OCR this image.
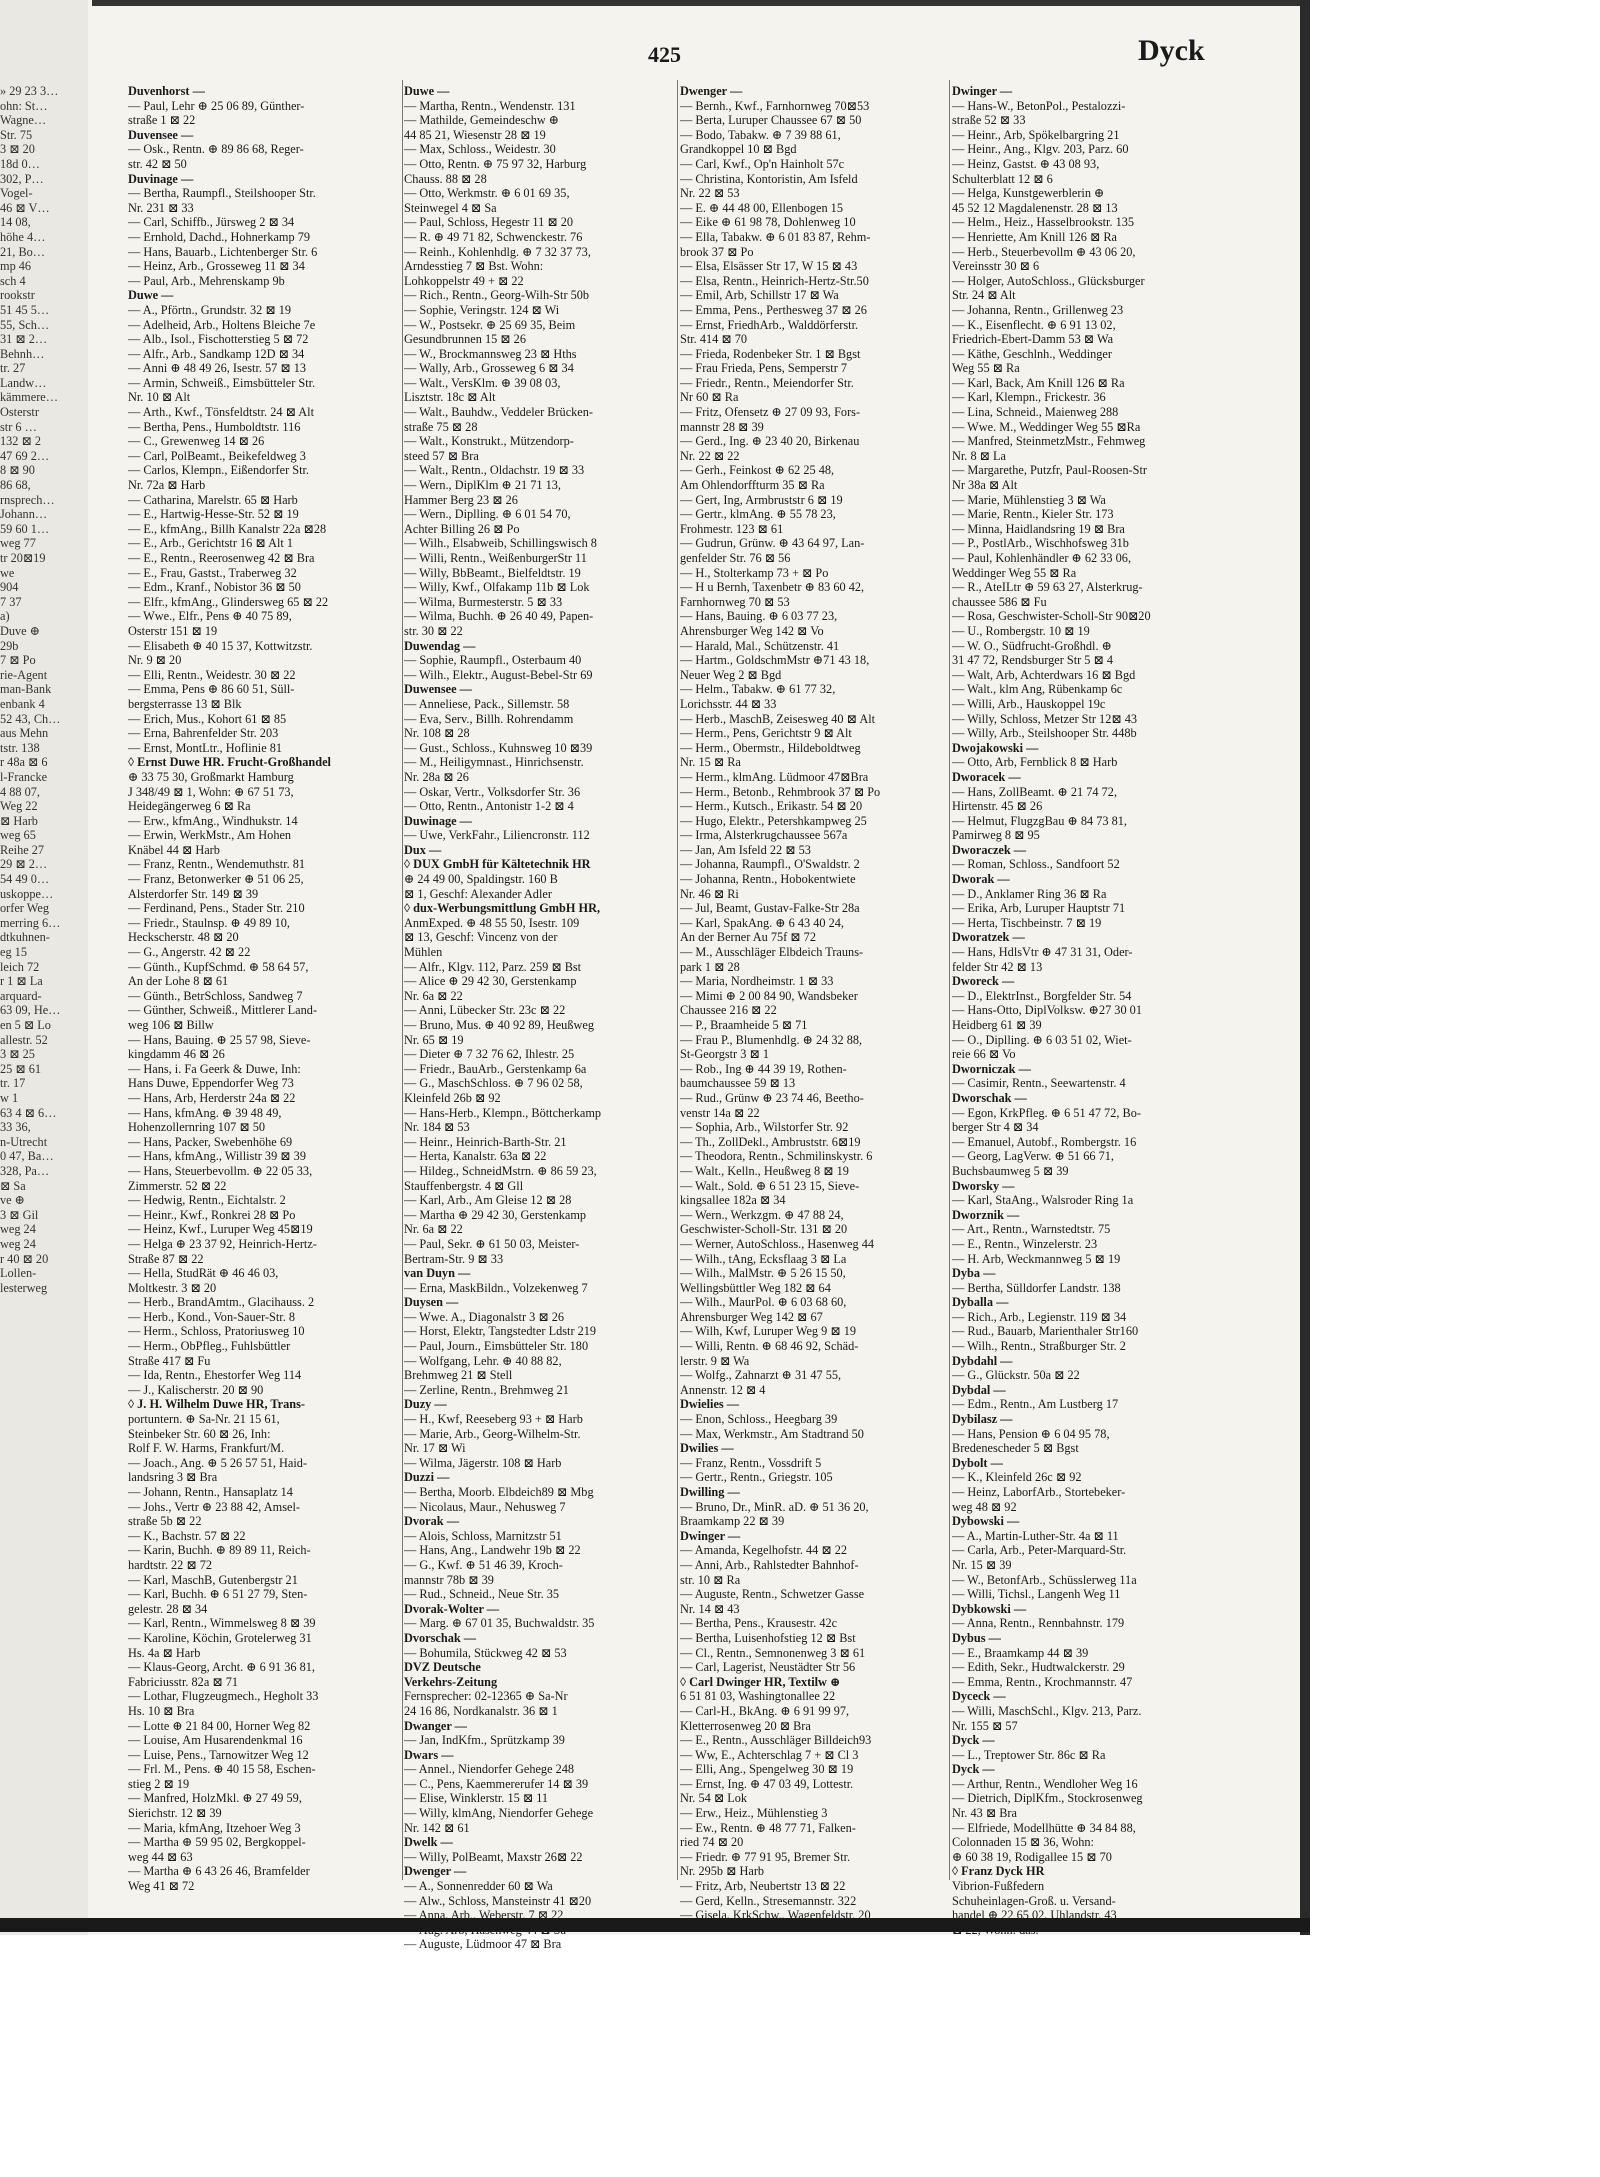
425	Dyck
» 29 23 3…
ohn: St…
Wagne…
Str. 75
3 ⊠ 20
18d 0…
302, P…
Vogel-
46 ⊠ V…
14 08,
höhe 4…
21, Bo…
mp 46
sch 4
rookstr
51 45 5…
55, Sch…
31 ⊠ 2…
Behnh…
tr. 27
Landw…
kämmere…
Osterstr
str 6 …
132 ⊠ 2
47 69 2…
8 ⊠ 90
86 68,
rnsprech…
Johann…
59 60 1…
weg 77
tr 20⊠19
we
904
7 37
a)
Duve ⊕
29b
7 ⊠ Po
rie-Agent
man-Bank
enbank 4
52 43, Ch…
aus Mehn
tstr. 138
r 48a ⊠ 6
l-Francke
4 88 07,
Weg 22
⊠ Harb
weg 65
Reihe 27
29 ⊠ 2…
54 49 0…
uskoppe…
orfer Weg
merring 6…
dtkuhnen-
eg 15
leich 72
r 1 ⊠ La
arquard-
63 09, He…
en 5 ⊠ Lo
allestr. 52
3 ⊠ 25
25 ⊠ 61
tr. 17
w 1
63 4 ⊠ 6…
33 36,
n-Utrecht
0 47, Ba…
328, Pa…
⊠ Sa
ve ⊕
3 ⊠ Gil
weg 24
weg 24
r 40 ⊠ 20
Lollen-
lesterweg
Duvenhorst —
— Paul, Lehr ⊕ 25 06 89, Günther-
straße 1 ⊠ 22
Duvensee —
— Osk., Rentn. ⊕ 89 86 68, Reger-
str. 42 ⊠ 50
Duvinage —
— Bertha, Raumpfl., Steilshooper Str.
Nr. 231 ⊠ 33
— Carl, Schiffb., Jürsweg 2 ⊠ 34
— Ernhold, Dachd., Hohnerkamp 79
— Hans, Bauarb., Lichtenberger Str. 6
— Heinz, Arb., Grosseweg 11 ⊠ 34
— Paul, Arb., Mehrenskamp 9b
Duwe —
— A., Pförtn., Grundstr. 32 ⊠ 19
— Adelheid, Arb., Holtens Bleiche 7e
— Alb., Isol., Fischotterstieg 5 ⊠ 72
— Alfr., Arb., Sandkamp 12D ⊠ 34
— Anni ⊕ 48 49 26, Isestr. 57 ⊠ 13
— Armin, Schweiß., Eimsbütteler Str.
Nr. 10 ⊠ Alt
— Arth., Kwf., Tönsfeldtstr. 24 ⊠ Alt
— Bertha, Pens., Humboldtstr. 116
— C., Grewenweg 14 ⊠ 26
— Carl, PolBeamt., Beikefeldweg 3
— Carlos, Klempn., Eißendorfer Str.
Nr. 72a ⊠ Harb
— Catharina, Marelstr. 65 ⊠ Harb
— E., Hartwig-Hesse-Str. 52 ⊠ 19
— E., kfmAng., Billh Kanalstr 22a ⊠28
— E., Arb., Gerichtstr 16 ⊠ Alt 1
— E., Rentn., Reerosenweg 42 ⊠ Bra
— E., Frau, Gastst., Traberweg 32
— Edm., Kranf., Nobistor 36 ⊠ 50
— Elfr., kfmAng., Glindersweg 65 ⊠ 22
— Wwe., Elfr., Pens ⊕ 40 75 89,
Osterstr 151 ⊠ 19
— Elisabeth ⊕ 40 15 37, Kottwitzstr.
Nr. 9 ⊠ 20
— Elli, Rentn., Weidestr. 30 ⊠ 22
— Emma, Pens ⊕ 86 60 51, Süll-
bergsterrasse 13 ⊠ Blk
— Erich, Mus., Kohort 61 ⊠ 85
— Erna, Bahrenfelder Str. 203
— Ernst, MontLtr., Hoflinie 81
◊ Ernst Duwe HR. Frucht-Großhandel
⊕ 33 75 30, Großmarkt Hamburg
J 348/49 ⊠ 1, Wohn: ⊕ 67 51 73,
Heidegängerweg 6 ⊠ Ra
— Erw., kfmAng., Windhukstr. 14
— Erwin, WerkMstr., Am Hohen
Knäbel 44 ⊠ Harb
— Franz, Rentn., Wendemuthstr. 81
— Franz, Betonwerker ⊕ 51 06 25,
Alsterdorfer Str. 149 ⊠ 39
— Ferdinand, Pens., Stader Str. 210
— Friedr., Staulnsp. ⊕ 49 89 10,
Heckscherstr. 48 ⊠ 20
— G., Angerstr. 42 ⊠ 22
— Günth., KupfSchmd. ⊕ 58 64 57,
An der Lohe 8 ⊠ 61
— Günth., BetrSchloss, Sandweg 7
— Günther, Schweiß., Mittlerer Land-
weg 106 ⊠ Billw
— Hans, Bauing. ⊕ 25 57 98, Sieve-
kingdamm 46 ⊠ 26
— Hans, i. Fa Geerk & Duwe, Inh:
Hans Duwe, Eppendorfer Weg 73
— Hans, Arb, Herderstr 24a ⊠ 22
— Hans, kfmAng. ⊕ 39 48 49,
Hohenzollernring 107 ⊠ 50
— Hans, Packer, Swebenhöhe 69
— Hans, kfmAng., Willistr 39 ⊠ 39
— Hans, Steuerbevollm. ⊕ 22 05 33,
Zimmerstr. 52 ⊠ 22
— Hedwig, Rentn., Eichtalstr. 2
— Heinr., Kwf., Ronkrei 28 ⊠ Po
— Heinz, Kwf., Luruper Weg 45⊠19
— Helga ⊕ 23 37 92, Heinrich-Hertz-
Straße 87 ⊠ 22
— Hella, StudRät ⊕ 46 46 03,
Moltkestr. 3 ⊠ 20
— Herb., BrandAmtm., Glacihauss. 2
— Herb., Kond., Von-Sauer-Str. 8
— Herm., Schloss, Pratoriusweg 10
— Herm., ObPfleg., Fuhlsbüttler
Straße 417 ⊠ Fu
— Ida, Rentn., Ehestorfer Weg 114
— J., Kalischerstr. 20 ⊠ 90
◊ J. H. Wilhelm Duwe HR, Trans-
portuntern. ⊕ Sa-Nr. 21 15 61,
Steinbeker Str. 60 ⊠ 26, Inh:
Rolf F. W. Harms, Frankfurt/M.
— Joach., Ang. ⊕ 5 26 57 51, Haid-
landsring 3 ⊠ Bra
— Johann, Rentn., Hansaplatz 14
— Johs., Vertr ⊕ 23 88 42, Amsel-
straße 5b ⊠ 22
— K., Bachstr. 57 ⊠ 22
— Karin, Buchh. ⊕ 89 89 11, Reich-
hardtstr. 22 ⊠ 72
— Karl, MaschB, Gutenbergstr 21
— Karl, Buchh. ⊕ 6 51 27 79, Sten-
gelestr. 28 ⊠ 34
— Karl, Rentn., Wimmelsweg 8 ⊠ 39
— Karoline, Köchin, Grotelerweg 31
Hs. 4a ⊠ Harb
— Klaus-Georg, Archt. ⊕ 6 91 36 81,
Fabriciusstr. 82a ⊠ 71
— Lothar, Flugzeugmech., Hegholt 33
Hs. 10 ⊠ Bra
— Lotte ⊕ 21 84 00, Horner Weg 82
— Louise, Am Husarendenkmal 16
— Luise, Pens., Tarnowitzer Weg 12
— Frl. M., Pens. ⊕ 40 15 58, Eschen-
stieg 2 ⊠ 19
— Manfred, HolzMkl. ⊕ 27 49 59,
Sierichstr. 12 ⊠ 39
— Maria, kfmAng, Itzehoer Weg 3
— Martha ⊕ 59 95 02, Bergkoppel-
weg 44 ⊠ 63
— Martha ⊕ 6 43 26 46, Bramfelder
Weg 41 ⊠ 72
Duwe —
— Martha, Rentn., Wendenstr. 131
— Mathilde, Gemeindeschw ⊕
44 85 21, Wiesenstr 28 ⊠ 19
— Max, Schloss., Weidestr. 30
— Otto, Rentn. ⊕ 75 97 32, Harburg
Chauss. 88 ⊠ 28
— Otto, Werkmstr. ⊕ 6 01 69 35,
Steinwegel 4 ⊠ Sa
— Paul, Schloss, Hegestr 11 ⊠ 20
— R. ⊕ 49 71 82, Schwenckestr. 76
— Reinh., Kohlenhdlg. ⊕ 7 32 37 73,
Arndesstieg 7 ⊠ Bst. Wohn:
Lohkoppelstr 49 + ⊠ 22
— Rich., Rentn., Georg-Wilh-Str 50b
— Sophie, Veringstr. 124 ⊠ Wi
— W., Postsekr. ⊕ 25 69 35, Beim
Gesundbrunnen 15 ⊠ 26
— W., Brockmannsweg 23 ⊠ Hths
— Wally, Arb., Grosseweg 6 ⊠ 34
— Walt., VersKlm. ⊕ 39 08 03,
Lisztstr. 18c ⊠ Alt
— Walt., Bauhdw., Veddeler Brücken-
straße 75 ⊠ 28
— Walt., Konstrukt., Mützendorp-
steed 57 ⊠ Bra
— Walt., Rentn., Oldachstr. 19 ⊠ 33
— Wern., DiplKlm ⊕ 21 71 13,
Hammer Berg 23 ⊠ 26
— Wern., Diplling. ⊕ 6 01 54 70,
Achter Billing 26 ⊠ Po
— Wilh., Elsabweib, Schillingswisch 8
— Willi, Rentn., WeißenburgerStr 11
— Willy, BbBeamt., Bielfeldtstr. 19
— Willy, Kwf., Olfakamp 11b ⊠ Lok
— Wilma, Burmesterstr. 5 ⊠ 33
— Wilma, Buchh. ⊕ 26 40 49, Papen-
str. 30 ⊠ 22
Duwendag —
— Sophie, Raumpfl., Osterbaum 40
— Wilh., Elektr., August-Bebel-Str 69
Duwensee —
— Anneliese, Pack., Sillemstr. 58
— Eva, Serv., Billh. Rohrendamm
Nr. 108 ⊠ 28
— Gust., Schloss., Kuhnsweg 10 ⊠39
— M., Heiligymnast., Hinrichsenstr.
Nr. 28a ⊠ 26
— Oskar, Vertr., Volksdorfer Str. 36
— Otto, Rentn., Antonistr 1-2 ⊠ 4
Duwinage —
— Uwe, VerkFahr., Liliencronstr. 112
Dux —
◊ DUX GmbH für Kältetechnik HR
⊕ 24 49 00, Spaldingstr. 160 B
⊠ 1, Geschf: Alexander Adler
◊ dux-Werbungsmittlung GmbH HR,
AnmExped. ⊕ 48 55 50, Isestr. 109
⊠ 13, Geschf: Vincenz von der
Mühlen
— Alfr., Klgv. 112, Parz. 259 ⊠ Bst
— Alice ⊕ 29 42 30, Gerstenkamp
Nr. 6a ⊠ 22
— Anni, Lübecker Str. 23c ⊠ 22
— Bruno, Mus. ⊕ 40 92 89, Heußweg
Nr. 65 ⊠ 19
— Dieter ⊕ 7 32 76 62, Ihlestr. 25
— Friedr., BauArb., Gerstenkamp 6a
— G., MaschSchloss. ⊕ 7 96 02 58,
Kleinfeld 26b ⊠ 92
— Hans-Herb., Klempn., Böttcherkamp
Nr. 184 ⊠ 53
— Heinr., Heinrich-Barth-Str. 21
— Herta, Kanalstr. 63a ⊠ 22
— Hildeg., SchneidMstrn. ⊕ 86 59 23,
Stauffenbergstr. 4 ⊠ Gll
— Karl, Arb., Am Gleise 12 ⊠ 28
— Martha ⊕ 29 42 30, Gerstenkamp
Nr. 6a ⊠ 22
— Paul, Sekr. ⊕ 61 50 03, Meister-
Bertram-Str. 9 ⊠ 33
van Duyn —
— Erna, MaskBildn., Volzekenweg 7
Duysen —
— Wwe. A., Diagonalstr 3 ⊠ 26
— Horst, Elektr, Tangstedter Ldstr 219
— Paul, Journ., Eimsbütteler Str. 180
— Wolfgang, Lehr. ⊕ 40 88 82,
Brehmweg 21 ⊠ Stell
— Zerline, Rentn., Brehmweg 21
Duzy —
— H., Kwf, Reeseberg 93 + ⊠ Harb
— Marie, Arb., Georg-Wilhelm-Str.
Nr. 17 ⊠ Wi
— Wilma, Jägerstr. 108 ⊠ Harb
Duzzi —
— Bertha, Moorb. Elbdeich89 ⊠ Mbg
— Nicolaus, Maur., Nehusweg 7
Dvorak —
— Alois, Schloss, Marnitzstr 51
— Hans, Ang., Landwehr 19b ⊠ 22
— G., Kwf. ⊕ 51 46 39, Kroch-
mannstr 78b ⊠ 39
— Rud., Schneid., Neue Str. 35
Dvorak-Wolter —
— Marg. ⊕ 67 01 35, Buchwaldstr. 35
Dvorschak —
— Bohumila, Stückweg 42 ⊠ 53
DVZ Deutsche
Verkehrs-Zeitung
Fernsprecher: 02-12365 ⊕ Sa-Nr
24 16 86, Nordkanalstr. 36 ⊠ 1
Dwanger —
— Jan, IndKfm., Sprützkamp 39
Dwars —
— Annel., Niendorfer Gehege 248
— C., Pens, Kaemmererufer 14 ⊠ 39
— Elise, Winklerstr. 15 ⊠ 11
— Willy, klmAng, Niendorfer Gehege
Nr. 142 ⊠ 61
Dwelk —
— Willy, PolBeamt, Maxstr 26⊠ 22
Dwenger —
— A., Sonnenredder 60 ⊠ Wa
— Alw., Schloss, Mansteinstr 41 ⊠20
— Anna, Arb., Weberstr. 7 ⊠ 22
— Aug. Arb, Hasenweg 44 ⊠ Sa
— Auguste, Lüdmoor 47 ⊠ Bra
Dwenger —
— Bernh., Kwf., Farnhornweg 70⊠53
— Berta, Luruper Chaussee 67 ⊠ 50
— Bodo, Tabakw. ⊕ 7 39 88 61,
Grandkoppel 10 ⊠ Bgd
— Carl, Kwf., Op'n Hainholt 57c
— Christina, Kontoristin, Am Isfeld
Nr. 22 ⊠ 53
— E. ⊕ 44 48 00, Ellenbogen 15
— Eike ⊕ 61 98 78, Dohlenweg 10
— Ella, Tabakw. ⊕ 6 01 83 87, Rehm-
brook 37 ⊠ Po
— Elsa, Elsässer Str 17, W 15 ⊠ 43
— Elsa, Rentn., Heinrich-Hertz-Str.50
— Emil, Arb, Schillstr 17 ⊠ Wa
— Emma, Pens., Perthesweg 37 ⊠ 26
— Ernst, FriedhArb., Walddörferstr.
Str. 414 ⊠ 70
— Frieda, Rodenbeker Str. 1 ⊠ Bgst
— Frau Frieda, Pens, Semperstr 7
— Friedr., Rentn., Meiendorfer Str.
Nr 60 ⊠ Ra
— Fritz, Ofensetz ⊕ 27 09 93, Fors-
mannstr 28 ⊠ 39
— Gerd., Ing. ⊕ 23 40 20, Birkenau
Nr. 22 ⊠ 22
— Gerh., Feinkost ⊕ 62 25 48,
Am Ohlendorffturm 35 ⊠ Ra
— Gert, Ing, Armbruststr 6 ⊠ 19
— Gertr., klmAng. ⊕ 55 78 23,
Frohmestr. 123 ⊠ 61
— Gudrun, Grünw. ⊕ 43 64 97, Lan-
genfelder Str. 76 ⊠ 56
— H., Stolterkamp 73 + ⊠ Po
— H u Bernh, Taxenbetr ⊕ 83 60 42,
Farnhornweg 70 ⊠ 53
— Hans, Bauing. ⊕ 6 03 77 23,
Ahrensburger Weg 142 ⊠ Vo
— Harald, Mal., Schützenstr. 41
— Hartm., GoldschmMstr ⊕71 43 18,
Neuer Weg 2 ⊠ Bgd
— Helm., Tabakw. ⊕ 61 77 32,
Lorichsstr. 44 ⊠ 33
— Herb., MaschB, Zeisesweg 40 ⊠ Alt
— Herm., Pens, Gerichtstr 9 ⊠ Alt
— Herm., Obermstr., Hildeboldtweg
Nr. 15 ⊠ Ra
— Herm., klmAng. Lüdmoor 47⊠Bra
— Herm., Betonb., Rehmbrook 37 ⊠ Po
— Herm., Kutsch., Erikastr. 54 ⊠ 20
— Hugo, Elektr., Petershkampweg 25
— Irma, Alsterkrugchaussee 567a
— Jan, Am Isfeld 22 ⊠ 53
— Johanna, Raumpfl., O'Swaldstr. 2
— Johanna, Rentn., Hobokentwiete
Nr. 46 ⊠ Ri
— Jul, Beamt, Gustav-Falke-Str 28a
— Karl, SpakAng. ⊕ 6 43 40 24,
An der Berner Au 75f ⊠ 72
— M., Ausschläger Elbdeich Trauns-
park 1 ⊠ 28
— Maria, Nordheimstr. 1 ⊠ 33
— Mimi ⊕ 2 00 84 90, Wandsbeker
Chaussee 216 ⊠ 22
— P., Braamheide 5 ⊠ 71
— Frau P., Blumenhdlg. ⊕ 24 32 88,
St-Georgstr 3 ⊠ 1
— Rob., Ing ⊕ 44 39 19, Rothen-
baumchaussee 59 ⊠ 13
— Rud., Grünw ⊕ 23 74 46, Beetho-
venstr 14a ⊠ 22
— Sophia, Arb., Wilstorfer Str. 92
— Th., ZollDekl., Ambruststr. 6⊠19
— Theodora, Rentn., Schmilinskystr. 6
— Walt., Kelln., Heußweg 8 ⊠ 19
— Walt., Sold. ⊕ 6 51 23 15, Sieve-
kingsallee 182a ⊠ 34
— Wern., Werkzgm. ⊕ 47 88 24,
Geschwister-Scholl-Str. 131 ⊠ 20
— Werner, AutoSchloss., Hasenweg 44
— Wilh., tAng, Ecksflaag 3 ⊠ La
— Wilh., MalMstr. ⊕ 5 26 15 50,
Wellingsbüttler Weg 182 ⊠ 64
— Wilh., MaurPol. ⊕ 6 03 68 60,
Ahrensburger Weg 142 ⊠ 67
— Wilh, Kwf, Luruper Weg 9 ⊠ 19
— Willi, Rentn. ⊕ 68 46 92, Schäd-
lerstr. 9 ⊠ Wa
— Wolfg., Zahnarzt ⊕ 31 47 55,
Annenstr. 12 ⊠ 4
Dwielies —
— Enon, Schloss., Heegbarg 39
— Max, Werkmstr., Am Stadtrand 50
Dwilies —
— Franz, Rentn., Vossdrift 5
— Gertr., Rentn., Griegstr. 105
Dwilling —
— Bruno, Dr., MinR. aD. ⊕ 51 36 20,
Braamkamp 22 ⊠ 39
Dwinger —
— Amanda, Kegelhofstr. 44 ⊠ 22
— Anni, Arb., Rahlstedter Bahnhof-
str. 10 ⊠ Ra
— Auguste, Rentn., Schwetzer Gasse
Nr. 14 ⊠ 43
— Bertha, Pens., Krausestr. 42c
— Bertha, Luisenhofstieg 12 ⊠ Bst
— Cl., Rentn., Semnonenweg 3 ⊠ 61
— Carl, Lagerist, Neustädter Str 56
◊ Carl Dwinger HR, Textilw ⊕
6 51 81 03, Washingtonallee 22
— Carl-H., BkAng. ⊕ 6 91 99 97,
Kletterrosenweg 20 ⊠ Bra
— E., Rentn., Ausschläger Billdeich93
— Ww, E., Achterschlag 7 + ⊠ Cl 3
— Elli, Ang., Spengelweg 30 ⊠ 19
— Ernst, Ing. ⊕ 47 03 49, Lottestr.
Nr. 54 ⊠ Lok
— Erw., Heiz., Mühlenstieg 3
— Ew., Rentn. ⊕ 48 77 71, Falken-
ried 74 ⊠ 20
— Friedr. ⊕ 77 91 95, Bremer Str.
Nr. 295b ⊠ Harb
— Fritz, Arb, Neubertstr 13 ⊠ 22
— Gerd, Kelln., Stresemannstr. 322
— Gisela, KrkSchw., Wagenfeldstr. 20
Dwinger —
— Hans-W., BetonPol., Pestalozzi-
straße 52 ⊠ 33
— Heinr., Arb, Spökelbargring 21
— Heinr., Ang., Klgv. 203, Parz. 60
— Heinz, Gastst. ⊕ 43 08 93,
Schulterblatt 12 ⊠ 6
— Helga, Kunstgewerblerin ⊕
45 52 12 Magdalenenstr. 28 ⊠ 13
— Helm., Heiz., Hasselbrookstr. 135
— Henriette, Am Knill 126 ⊠ Ra
— Herb., Steuerbevollm ⊕ 43 06 20,
Vereinsstr 30 ⊠ 6
— Holger, AutoSchloss., Glücksburger
Str. 24 ⊠ Alt
— Johanna, Rentn., Grillenweg 23
— K., Eisenflecht. ⊕ 6 91 13 02,
Friedrich-Ebert-Damm 53 ⊠ Wa
— Käthe, Geschlnh., Weddinger
Weg 55 ⊠ Ra
— Karl, Back, Am Knill 126 ⊠ Ra
— Karl, Klempn., Frickestr. 36
— Lina, Schneid., Maienweg 288
— Wwe. M., Weddinger Weg 55 ⊠Ra
— Manfred, SteinmetzMstr., Fehmweg
Nr. 8 ⊠ La
— Margarethe, Putzfr, Paul-Roosen-Str
Nr 38a ⊠ Alt
— Marie, Mühlenstieg 3 ⊠ Wa
— Marie, Rentn., Kieler Str. 173
— Minna, Haidlandsring 19 ⊠ Bra
— P., PostlArb., Wischhofsweg 31b
— Paul, Kohlenhändler ⊕ 62 33 06,
Weddinger Weg 55 ⊠ Ra
— R., AteILtr ⊕ 59 63 27, Alsterkrug-
chaussee 586 ⊠ Fu
— Rosa, Geschwister-Scholl-Str 90⊠20
— U., Rombergstr. 10 ⊠ 19
— W. O., Südfrucht-Großhdl. ⊕
31 47 72, Rendsburger Str 5 ⊠ 4
— Walt, Arb, Achterdwars 16 ⊠ Bgd
— Walt., klm Ang, Rübenkamp 6c
— Willi, Arb., Hauskoppel 19c
— Willy, Schloss, Metzer Str 12⊠ 43
— Willy, Arb., Steilshooper Str. 448b
Dwojakowski —
— Otto, Arb, Fernblick 8 ⊠ Harb
Dworacek —
— Hans, ZollBeamt. ⊕ 21 74 72,
Hirtenstr. 45 ⊠ 26
— Helmut, FlugzgBau ⊕ 84 73 81,
Pamirweg 8 ⊠ 95
Dworaczek —
— Roman, Schloss., Sandfoort 52
Dworak —
— D., Anklamer Ring 36 ⊠ Ra
— Erika, Arb, Luruper Hauptstr 71
— Herta, Tischbeinstr. 7 ⊠ 19
Dworatzek —
— Hans, HdlsVtr ⊕ 47 31 31, Oder-
felder Str 42 ⊠ 13
Dworeck —
— D., ElektrInst., Borgfelder Str. 54
— Hans-Otto, DiplVolksw. ⊕27 30 01
Heidberg 61 ⊠ 39
— O., Diplling. ⊕ 6 03 51 02, Wiet-
reie 66 ⊠ Vo
Dworniczak —
— Casimir, Rentn., Seewartenstr. 4
Dworschak —
— Egon, KrkPfleg. ⊕ 6 51 47 72, Bo-
berger Str 4 ⊠ 34
— Emanuel, Autobf., Rombergstr. 16
— Georg, LagVerw. ⊕ 51 66 71,
Buchsbaumweg 5 ⊠ 39
Dworsky —
— Karl, StaAng., Walsroder Ring 1a
Dworznik —
— Art., Rentn., Warnstedtstr. 75
— E., Rentn., Winzelerstr. 23
— H. Arb, Weckmannweg 5 ⊠ 19
Dyba —
— Bertha, Sülldorfer Landstr. 138
Dyballa —
— Rich., Arb., Legienstr. 119 ⊠ 34
— Rud., Bauarb, Marienthaler Str160
— Wilh., Rentn., Straßburger Str. 2
Dybdahl —
— G., Glückstr. 50a ⊠ 22
Dybdal —
— Edm., Rentn., Am Lustberg 17
Dybilasz —
— Hans, Pension ⊕ 6 04 95 78,
Bredenescheder 5 ⊠ Bgst
Dybolt —
— K., Kleinfeld 26c ⊠ 92
— Heinz, LaborfArb., Stortebeker-
weg 48 ⊠ 92
Dybowski —
— A., Martin-Luther-Str. 4a ⊠ 11
— Carla, Arb., Peter-Marquard-Str.
Nr. 15 ⊠ 39
— W., BetonfArb., Schüsslerweg 11a
— Willi, Tichsl., Langenh Weg 11
Dybkowski —
— Anna, Rentn., Rennbahnstr. 179
Dybus —
— E., Braamkamp 44 ⊠ 39
— Edith, Sekr., Hudtwalckerstr. 29
— Emma, Rentn., Krochmannstr. 47
Dyceck —
— Willi, MaschSchl., Klgv. 213, Parz.
Nr. 155 ⊠ 57
Dyck —
— L., Treptower Str. 86c ⊠ Ra
Dyck —
— Arthur, Rentn., Wendloher Weg 16
— Dietrich, DiplKfm., Stockrosenweg
Nr. 43 ⊠ Bra
— Elfriede, Modellhütte ⊕ 34 84 88,
Colonnaden 15 ⊠ 36, Wohn:
⊕ 60 38 19, Rodigallee 15 ⊠ 70
◊ Franz Dyck HR
Vibrion-Fußfedern
Schuheinlagen-Groß. u. Versand-
handel ⊕ 22 65 02, Uhlandstr. 43
⊠ 22, Wohn: das.
